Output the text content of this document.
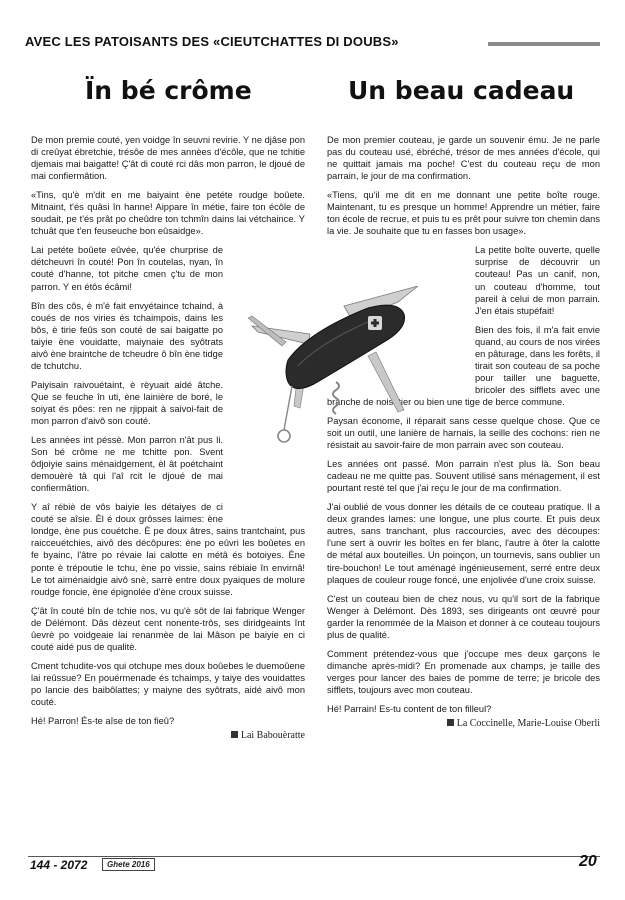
AVEC LES PATOISANTS DES «CIEUTCHATTES DI DOUBS»
Ïn bé crôme	Un beau cadeau

De mon premie couté, yen voidge în seuvni revirie. Y ne djâse pon di creûyat ébretchie, trésôe de mes annèes d'écôle, que ne tchitie djemais mai baigatte! Ç'ât di couté rci dâs mon parron, le djoué de mai confiermâtion.

«Tins, qu'è m'dit en me baiyaint ène petéte roudge boûete. Mitnaint, t'és quâsi în hanne! Aippare în métie, faire ton écôle de soudait, pe t'és prât po cheûdre ton tchmîn dains lai vétchaince. Y tchuât que t'en feuseuche bon eûsaidge».

Lai petéte boûete eûvée, qu'ée churprise de détcheuvri în couté! Pon în coutelas, nyan, în couté d'hanne, tot pitche cmen ç'tu de mon parron. Y en étôs écâmi!

Bîn des côs, è m'é fait envyétaince tchaind, à coués de nos viries és tchaimpois, dains les bôs, è tirie feûs son couté de sai baigatte po taiyie ène vouidatte, maiynaie des syôtrats aivô ène braintche de tcheudre ô bîn ène tidge de tchutchu.

Paiyisain raivouétaint, è rèyuait aidé âtche. Que se feuche în uti, ène lainière de boré, le soiyat és pôes: ren ne rjippait à saivoi-fait de mon parron d'aivô son couté.

Les annèes int péssè. Mon parron n'ât pus li. Son bé crôme ne me tchitte pon. Svent ôdjoiyie sains ménaidgement, èl ât poétchaint demouèrè tâ qui l'aî rcit le djoué de mai confiermâtion.

Y aî rébiè de vôs baiyie les détaiyes de ci couté se aîsie. Èl é doux grôsses laimes: ène londge, ène pus couétche. È pe doux âtres, sains trantchaint, pus raicceuétchies, aivô des décôpures: ène po eûvri les boûetes en fe byainc, l'âtre po révaie lai calotte en métâ és botoiyes. Ène ponte è trépoutie le tchu, ène po vissie, sains rébiaie în envirnâ! Le tot aiménaidgie aivô snè, sarrè entre doux pyaiques de molure roudge foncie, ène épignolée d'ène croux suisse.

Ç'ât în couté bîn de tchie nos, vu qu'è sôt de lai fabrique Wenger de Délémont. Dâs dèzeut cent nonente-trôs, ses diridgeaints înt ûevrè po voidgeaie lai renanmèe de lai Mâson pe baiyie en ci couté aidé pus de qualitè.

Cment tchudite-vos qui otchupe mes doux boûebes le duemoûene lai reûssue? En pouérmenade és tchaimps, y taiye des vouidattes po lancie des baibôlattes; y maiyne des syôtrats, aidé aivô mon couté.

Hé! Parron! És-te aîse de ton fieû?

Lai Babouèratte

De mon premier couteau, je garde un souvenir ému. Je ne parle pas du couteau usé, ébréché, trésor de mes années d'école, qui ne quittait jamais ma poche! C'est du couteau reçu de mon parrain, le jour de ma confirmation.

«Tiens, qu'il me dit en me donnant une petite boîte rouge. Maintenant, tu es presque un homme! Apprendre un métier, faire ton école de recrue, et puis tu es prêt pour suivre ton chemin dans la vie. Je souhaite que tu en fasses bon usage».

La petite boîte ouverte, quelle surprise de découvrir un couteau! Pas un canif, non, un couteau d'homme, tout pareil à celui de mon parrain. J'en étais stupéfait!

Bien des fois, il m'a fait envie quand, au cours de nos virées en pâturage, dans les forêts, il tirait son couteau de sa poche pour tailler une baguette, bricoler des sifflets avec une branche de noisetier ou bien une tige de berce commune.

Paysan économe, il réparait sans cesse quelque chose. Que ce soit un outil, une lanière de harnais, la seille des cochons: rien ne résistait au savoir-faire de mon parrain avec son couteau.

Les années ont passé. Mon parrain n'est plus là. Son beau cadeau ne me quitte pas. Souvent utilisé sans ménagement, il est pourtant resté tel que j'ai reçu le jour de ma confirmation.

J'ai oublié de vous donner les détails de ce couteau pratique. Il a deux grandes lames: une longue, une plus courte. Et puis deux autres, sans tranchant, plus raccourcies, avec des découpes: l'une sert à ouvrir les boîtes en fer blanc, l'autre à ôter la calotte de métal aux bouteilles. Un poinçon, un tournevis, sans oublier un tire-bouchon! Le tout aménagé ingénieusement, serré entre deux plaques de couleur rouge foncé, une enjolivée d'une croix suisse.

C'est un couteau bien de chez nous, vu qu'il sort de la fabrique Wenger à Delémont. Dès 1893, ses dirigeants ont œuvré pour garder la renommée de la Maison et donner à ce couteau toujours plus de qualité.

Comment prétendez-vous que j'occupe mes deux garçons le dimanche après-midi? En promenade aux champs, je taille des verges pour lancer des baies de pomme de terre; je bricole des sifflets, toujours avec mon couteau.

Hé! Parrain! Es-tu content de ton filleul?

La Coccinelle, Marie-Louise Oberli
144 - 2072	Ghete 2016	20
